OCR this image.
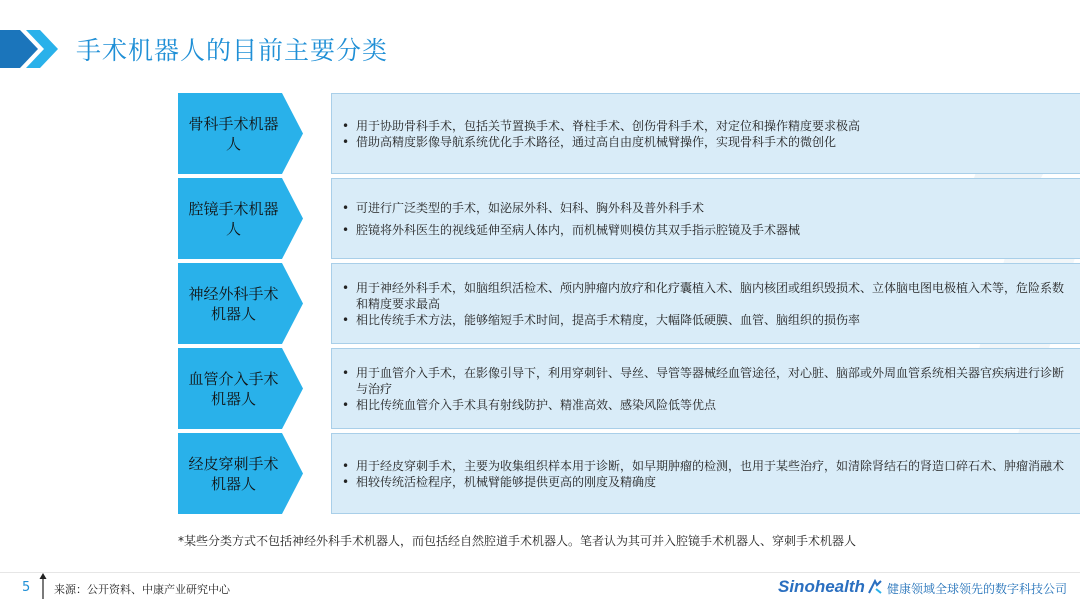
手术机器人的目前主要分类
骨科手术机器人
• 用于协助骨科手术，包括关节置换手术、脊柱手术、创伤骨科手术，对定位和操作精度要求极高
• 借助高精度影像导航系统优化手术路径，通过高自由度机械臂操作，实现骨科手术的微创化
腔镜手术机器人
• 可进行广泛类型的手术，如泌尿外科、妇科、胸外科及普外科手术
• 腔镜将外科医生的视线延伸至病人体内，而机械臂则模仿其双手指示腔镜及手术器械
神经外科手术机器人
• 用于神经外科手术，如脑组织活检术、颅内肿瘤内放疗和化疗囊植入术、脑内核团或组织毁损术、立体脑电图电极植入术等，危险系数和精度要求最高
• 相比传统手术方法，能够缩短手术时间，提高手术精度，大幅降低硬膜、血管、脑组织的损伤率
血管介入手术机器人
• 用于血管介入手术，在影像引导下，利用穿刺针、导丝、导管等器械经血管途径，对心脏、脑部或外周血管系统相关器官疾病进行诊断与治疗
• 相比传统血管介入手术具有射线防护、精准高效、感染风险低等优点
经皮穿刺手术机器人
• 用于经皮穿刺手术，主要为收集组织样本用于诊断，如早期肿瘤的检测，也用于某些治疗，如清除肾结石的肾造口碎石术、肿瘤消融术
• 相较传统活检程序，机械臂能够提供更高的刚度及精确度
*某些分类方式不包括神经外科手术机器人，而包括经自然腔道手术机器人。笔者认为其可并入腔镜手术机器人、穿刺手术机器人
5 来源：公开资料、中康产业研究中心	Sinohealth 健康领域全球领先的数字科技公司
